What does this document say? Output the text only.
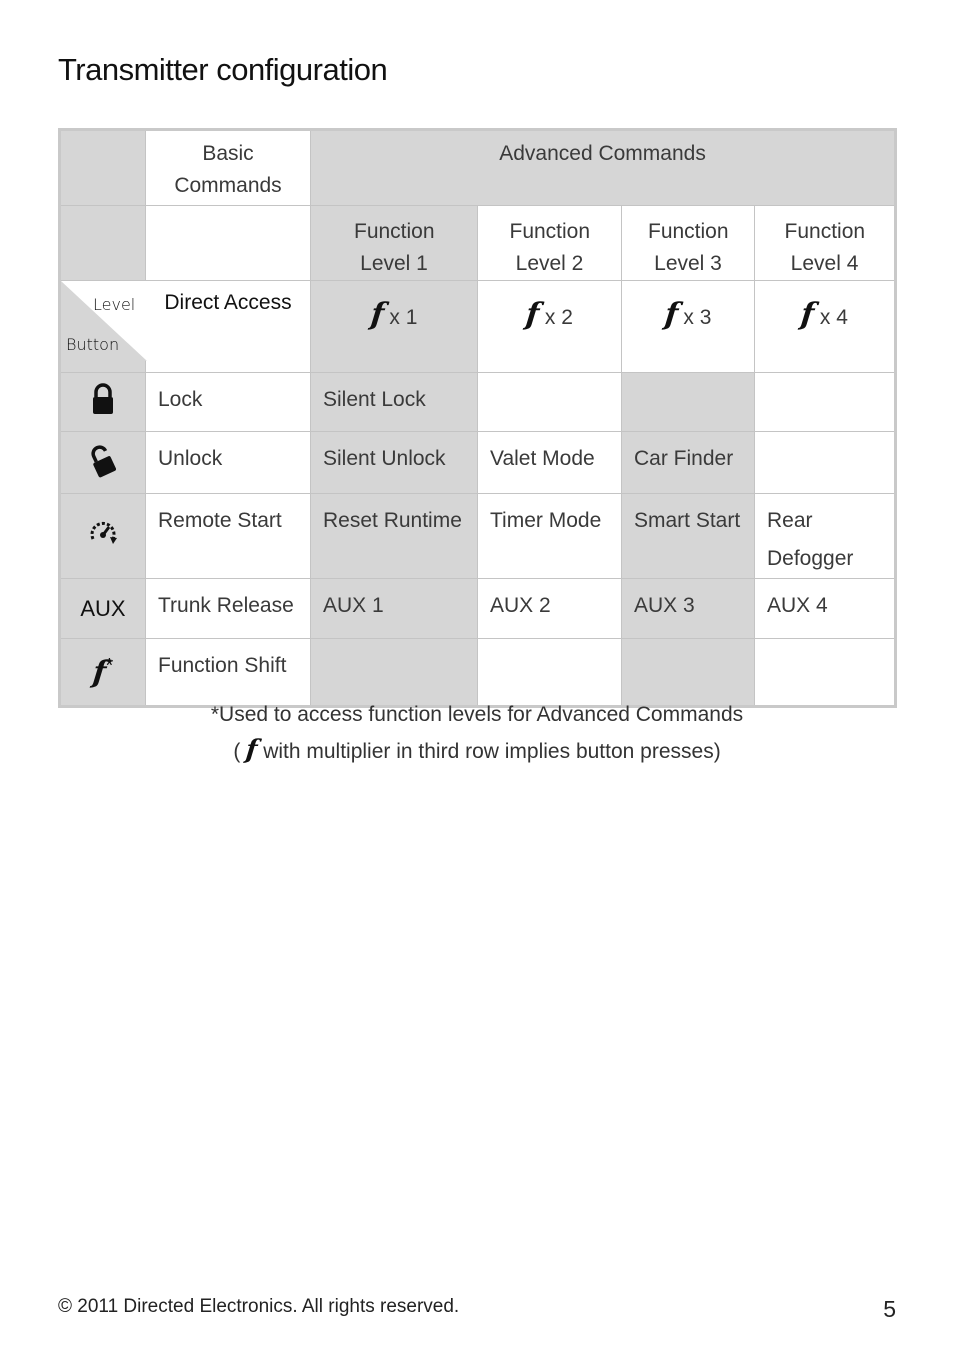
Transmitter configuration
	Basic Commands	Advanced Commands			
		Function Level 1	Function Level 2	Function Level 3	Function Level 4

Level
Button	Direct Access	f x 1	f x 2	f x 3	f x 4
	Lock	Silent Lock			
	Unlock	Silent Unlock	Valet Mode	Car Finder	
	Remote Start	Reset Runtime	Timer Mode	Smart Start	Rear Defogger
AUX	Trunk Release	AUX 1	AUX 2	AUX 3	AUX 4
f*	Function Shift				
*Used to access function levels for Advanced Commands
( f with multiplier in third row implies button presses)
© 2011 Directed Electronics. All rights reserved.	5
